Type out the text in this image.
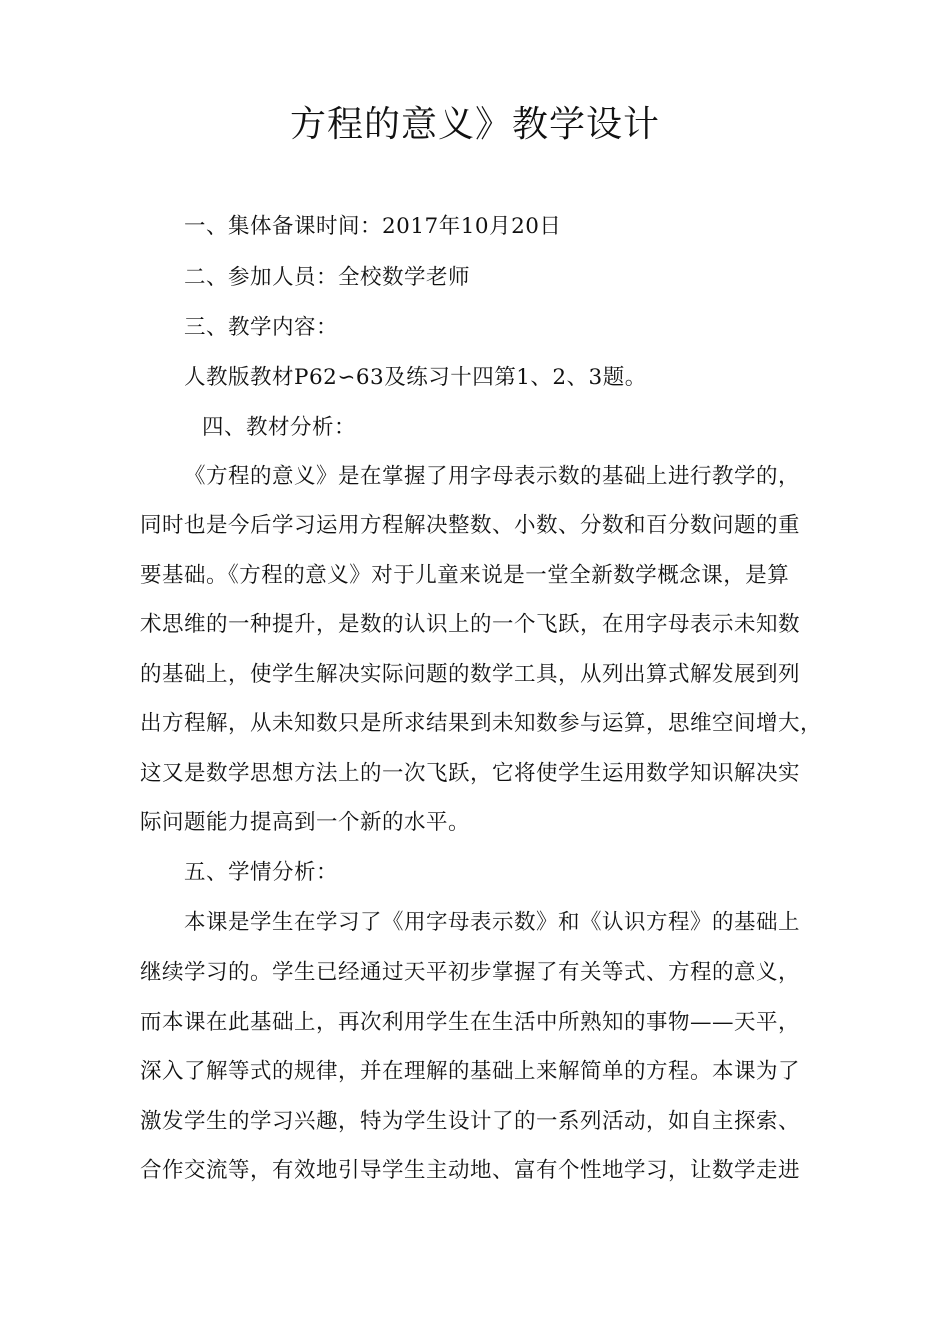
方程的意义》教学设计
一、集体备课时间：2017年10月20日
二、参加人员：全校数学老师
三、教学内容：
人教版教材P62∽63及练习十四第1、2、3题。
四、教材分析：
《方程的意义》是在掌握了用字母表示数的基础上进行教学的，
同时也是今后学习运用方程解决整数、小数、分数和百分数问题的重
要基础。《方程的意义》对于儿童来说是一堂全新数学概念课，是算
术思维的一种提升，是数的认识上的一个飞跃，在用字母表示未知数
的基础上，使学生解决实际问题的数学工具，从列出算式解发展到列
出方程解，从未知数只是所求结果到未知数参与运算，思维空间增大，
这又是数学思想方法上的一次飞跃，它将使学生运用数学知识解决实
际问题能力提高到一个新的水平。
五、学情分析：
本课是学生在学习了《用字母表示数》和《认识方程》的基础上
继续学习的。学生已经通过天平初步掌握了有关等式、方程的意义，
而本课在此基础上，再次利用学生在生活中所熟知的事物——天平，
深入了解等式的规律，并在理解的基础上来解简单的方程。本课为了
激发学生的学习兴趣，特为学生设计了的一系列活动，如自主探索、
合作交流等，有效地引导学生主动地、富有个性地学习，让数学走进
